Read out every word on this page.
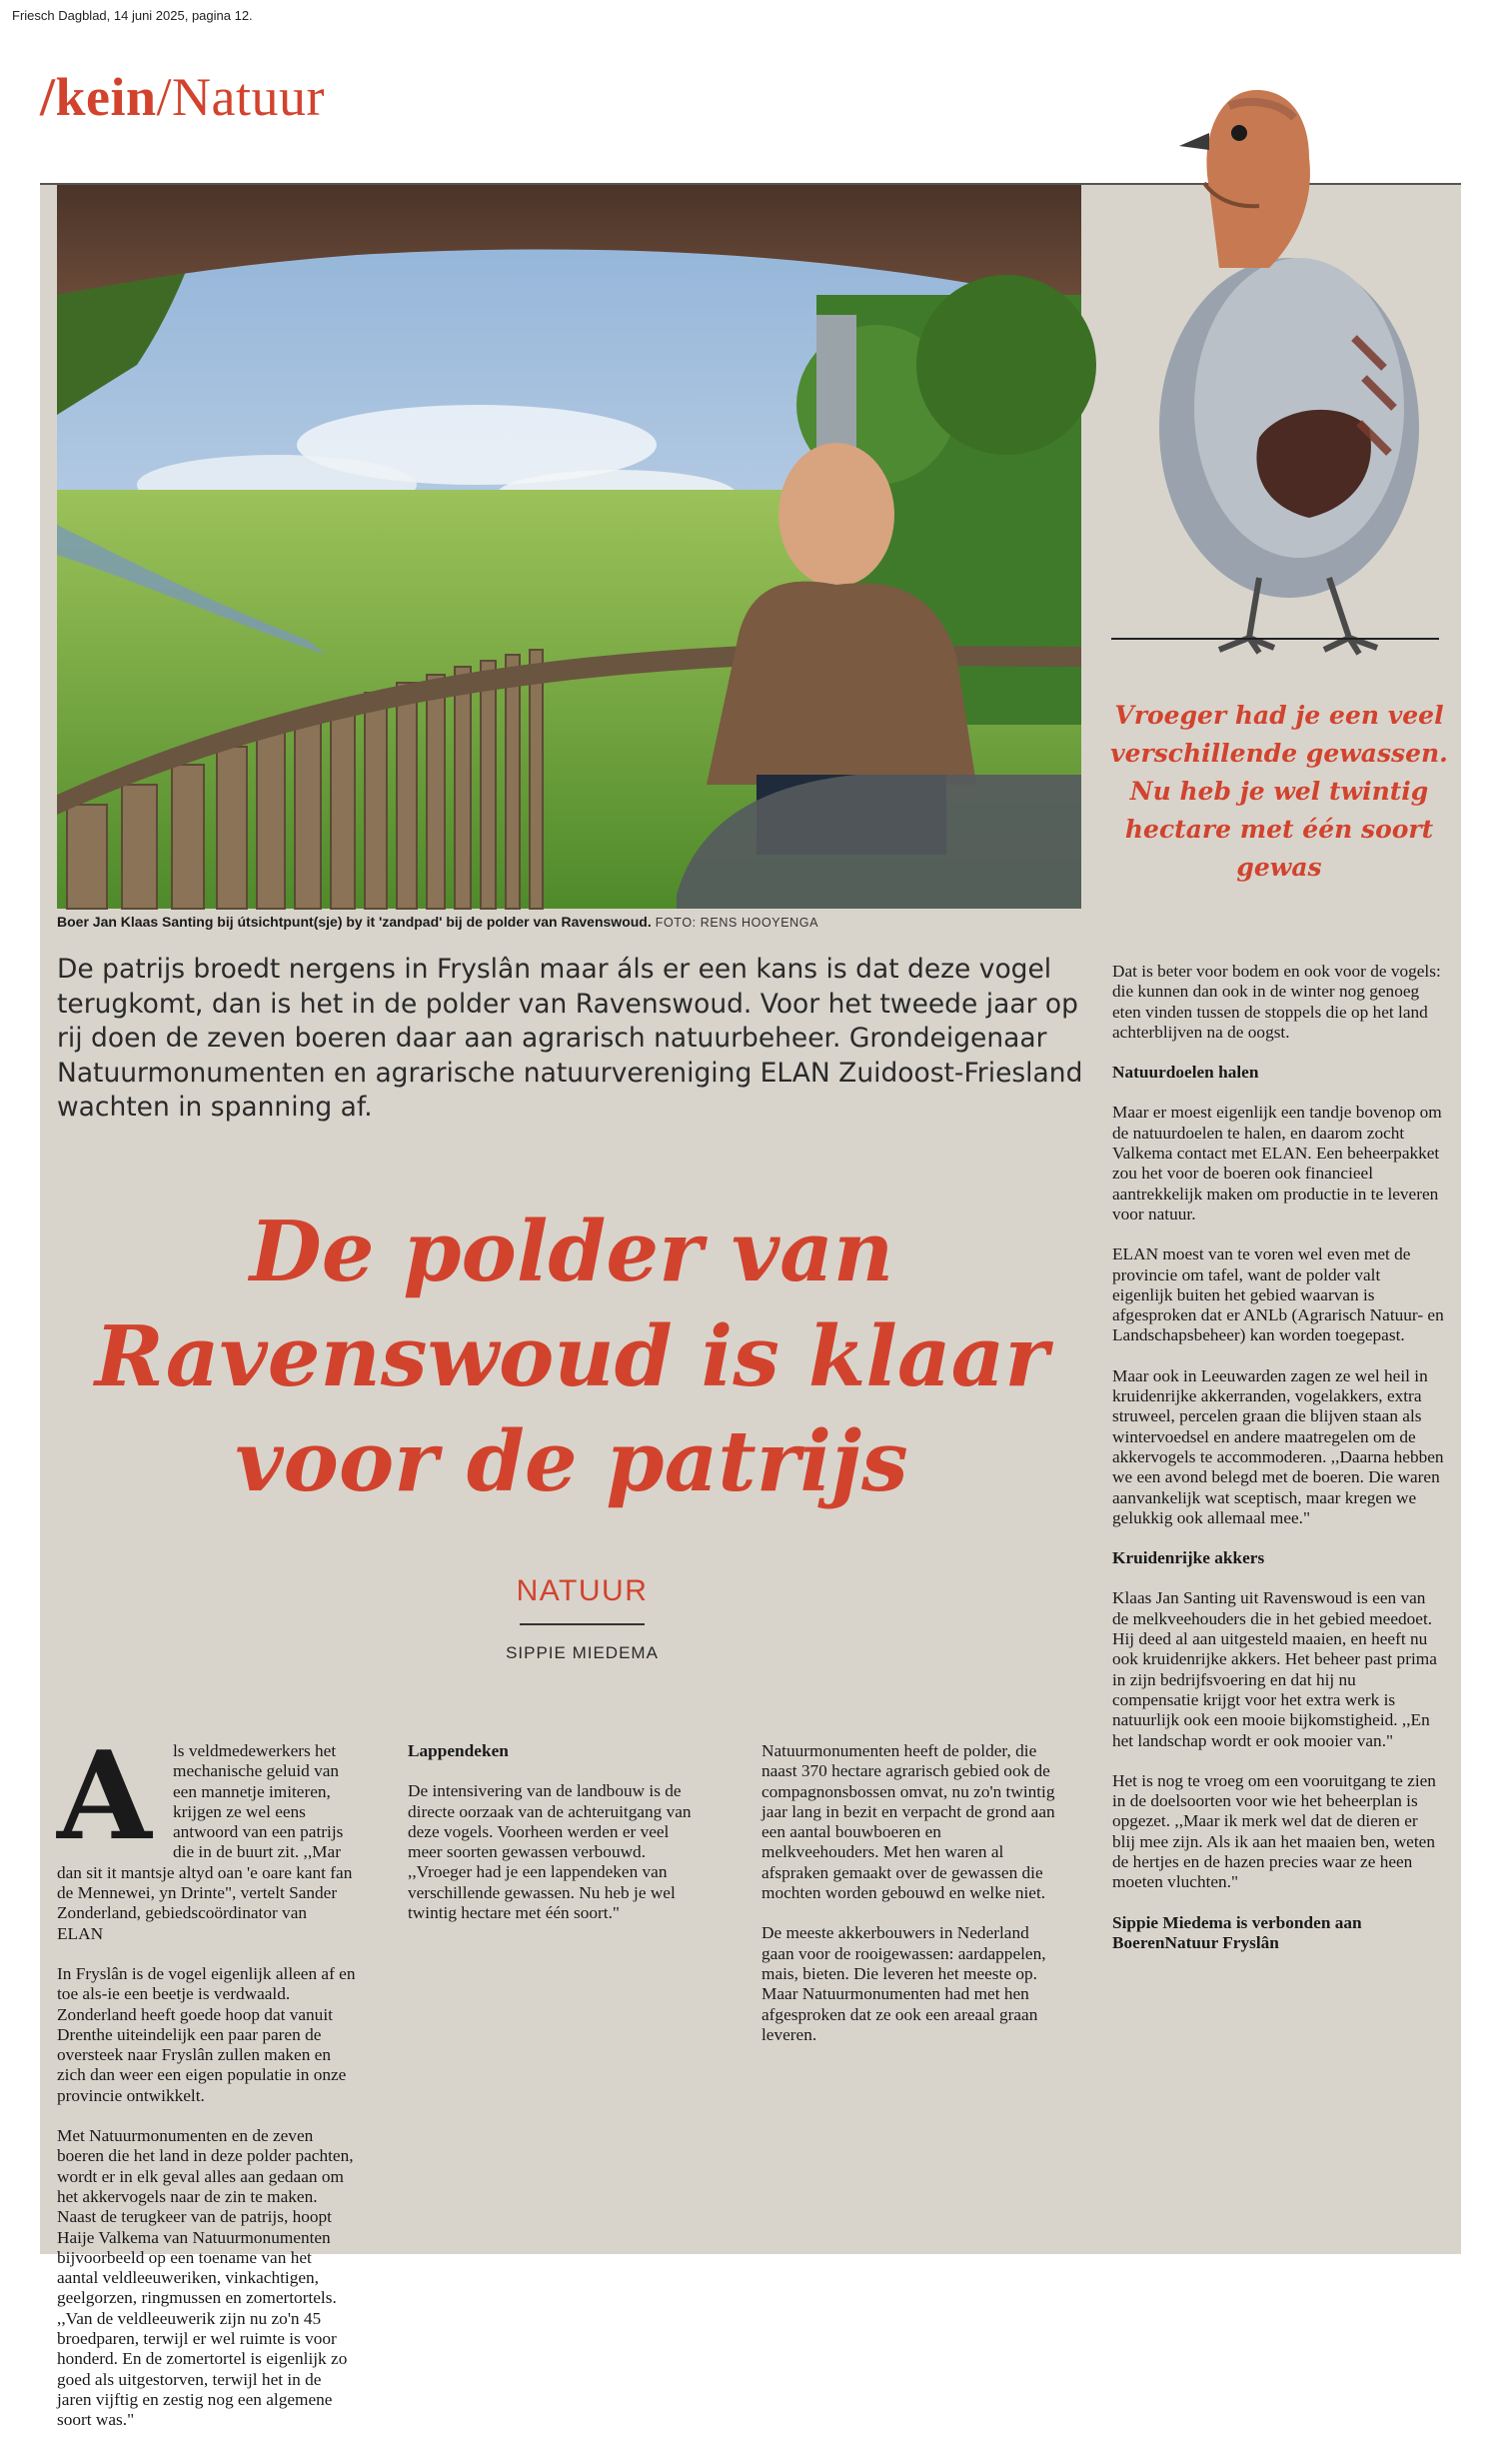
Friesch Dagblad, 14 juni 2025, pagina 12.
/kein/Natuur
Boer Jan Klaas Santing bij útsichtpunt(sje) by it 'zandpad' bij de polder van Ravenswoud. FOTO: RENS HOOYENGA
Vroeger had je een veel verschillende gewassen. Nu heb je wel twintig hectare met één soort gewas
De patrijs broedt nergens in Fryslân maar áls er een kans is dat deze vogel terugkomt, dan is het in de polder van Ravenswoud. Voor het tweede jaar op rij doen de zeven boeren daar aan agrarisch natuurbeheer. Grondeigenaar Natuurmonumenten en agrarische natuurvereniging ELAN Zuidoost-Friesland wachten in spanning af.
De polder van Ravenswoud is klaar voor de patrijs
NATUUR
SIPPIE MIEDEMA
A	ls veldmedewerkers het mechanische geluid van een mannetje imiteren, krijgen ze wel eens antwoord van een patrijs die in de buurt zit. ,,Mar dan sit it mantsje altyd oan 'e oare kant fan de Mennewei, yn Drinte", vertelt Sander Zonderland, gebiedscoördinator van ELAN

In Fryslân is de vogel eigenlijk alleen af en toe als-ie een beetje is verdwaald. Zonderland heeft goede hoop dat vanuit Drenthe uiteindelijk een paar paren de oversteek naar Fryslân zullen maken en zich dan weer een eigen populatie in onze provincie ontwikkelt.

Met Natuurmonumenten en de zeven boeren die het land in deze polder pachten, wordt er in elk geval alles aan gedaan om het akkervogels naar de zin te maken. Naast de terugkeer van de patrijs, hoopt Haije Valkema van Natuurmonumenten bijvoorbeeld op een toename van het aantal veldleeuweriken, vinkachtigen, geelgorzen, ringmussen en zomertortels. ,,Van de veldleeuwerik zijn nu zo'n 45 broedparen, terwijl er wel ruimte is voor honderd. En de zomertortel is eigenlijk zo goed als uitgestorven, terwijl het in de jaren vijftig en zestig nog een algemene soort was."

Lappendeken

De intensivering van de landbouw is de directe oorzaak van de achteruitgang van deze vogels. Voorheen werden er veel meer soorten gewassen verbouwd. ,,Vroeger had je een lappendeken van verschillende gewassen. Nu heb je wel twintig hectare met één soort."

Natuurmonumenten heeft de polder, die naast 370 hectare agrarisch gebied ook de compagnonsbossen omvat, nu zo'n twintig jaar lang in bezit en verpacht de grond aan een aantal bouwboeren en melkveehouders. Met hen waren al afspraken gemaakt over de gewassen die mochten worden gebouwd en welke niet.

De meeste akkerbouwers in Nederland gaan voor de rooigewassen: aardappelen, mais, bieten. Die leveren het meeste op. Maar Natuurmonumenten had met hen afgesproken dat ze ook een areaal graan leveren.

Dat is beter voor bodem en ook voor de vogels: die kunnen dan ook in de winter nog genoeg eten vinden tussen de stoppels die op het land achterblijven na de oogst.

Natuurdoelen halen

Maar er moest eigenlijk een tandje bovenop om de natuurdoelen te halen, en daarom zocht Valkema contact met ELAN. Een beheerpakket zou het voor de boeren ook financieel aantrekkelijk maken om productie in te leveren voor natuur.

ELAN moest van te voren wel even met de provincie om tafel, want de polder valt eigenlijk buiten het gebied waarvan is afgesproken dat er ANLb (Agrarisch Natuur- en Landschapsbeheer) kan worden toegepast.

Maar ook in Leeuwarden zagen ze wel heil in kruidenrijke akkerranden, vogelakkers, extra struweel, percelen graan die blijven staan als wintervoedsel en andere maatregelen om de akkervogels te accommoderen. ,,Daarna hebben we een avond belegd met de boeren. Die waren aanvankelijk wat sceptisch, maar kregen we gelukkig ook allemaal mee."

Kruidenrijke akkers

Klaas Jan Santing uit Ravenswoud is een van de melkveehouders die in het gebied meedoet. Hij deed al aan uitgesteld maaien, en heeft nu ook kruidenrijke akkers. Het beheer past prima in zijn bedrijfsvoering en dat hij nu compensatie krijgt voor het extra werk is natuurlijk ook een mooie bijkomstigheid. ,,En het landschap wordt er ook mooier van."

Het is nog te vroeg om een vooruitgang te zien in de doelsoorten voor wie het beheerplan is opgezet. ,,Maar ik merk wel dat de dieren er blij mee zijn. Als ik aan het maaien ben, weten de hertjes en de hazen precies waar ze heen moeten vluchten."

Sippie Miedema is verbonden aan BoerenNatuur Fryslân
